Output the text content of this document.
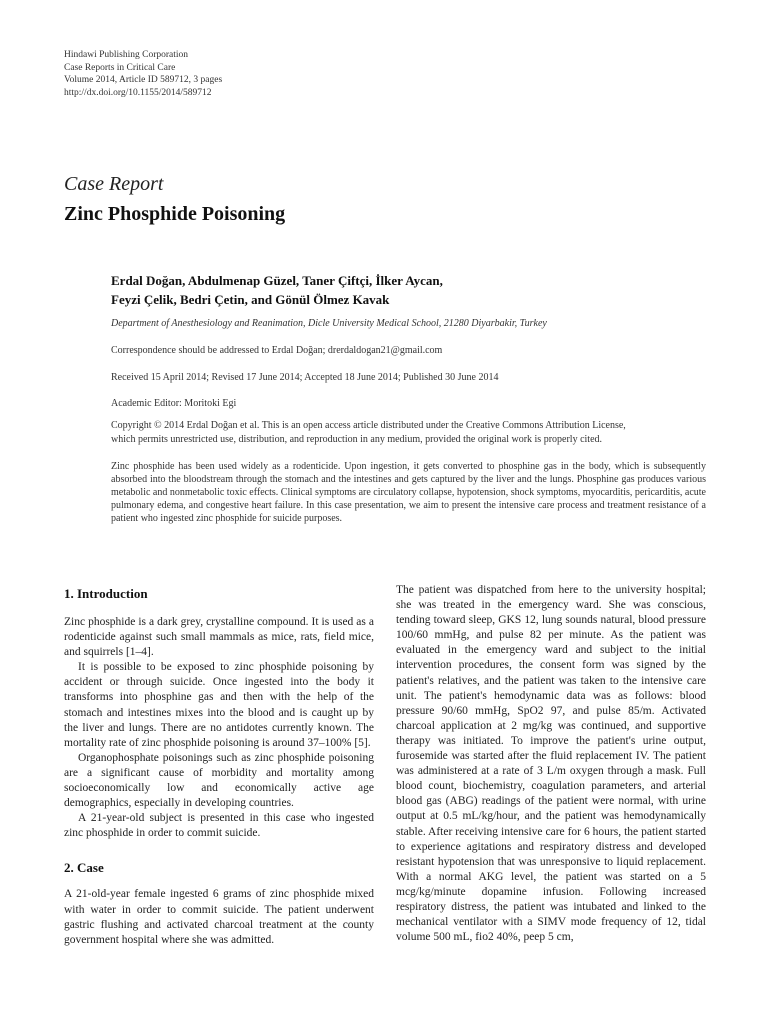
Hindawi Publishing Corporation
Case Reports in Critical Care
Volume 2014, Article ID 589712, 3 pages
http://dx.doi.org/10.1155/2014/589712
Case Report
Zinc Phosphide Poisoning
Erdal Doğan, Abdulmenap Güzel, Taner Çiftçi, İlker Aycan,
Feyzi Çelik, Bedri Çetin, and Gönül Ölmez Kavak
Department of Anesthesiology and Reanimation, Dicle University Medical School, 21280 Diyarbakir, Turkey
Correspondence should be addressed to Erdal Doğan; drerdaldogan21@gmail.com
Received 15 April 2014; Revised 17 June 2014; Accepted 18 June 2014; Published 30 June 2014
Academic Editor: Moritoki Egi
Copyright © 2014 Erdal Doğan et al. This is an open access article distributed under the Creative Commons Attribution License,
which permits unrestricted use, distribution, and reproduction in any medium, provided the original work is properly cited.
Zinc phosphide has been used widely as a rodenticide. Upon ingestion, it gets converted to phosphine gas in the body, which is subsequently absorbed into the bloodstream through the stomach and the intestines and gets captured by the liver and the lungs. Phosphine gas produces various metabolic and nonmetabolic toxic effects. Clinical symptoms are circulatory collapse, hypotension, shock symptoms, myocarditis, pericarditis, acute pulmonary edema, and congestive heart failure. In this case presentation, we aim to present the intensive care process and treatment resistance of a patient who ingested zinc phosphide for suicide purposes.
1. Introduction

Zinc phosphide is a dark grey, crystalline compound. It is used as a rodenticide against such small mammals as mice, rats, field mice, and squirrels [1–4].

It is possible to be exposed to zinc phosphide poisoning by accident or through suicide. Once ingested into the body it transforms into phosphine gas and then with the help of the stomach and intestines mixes into the blood and is caught up by the liver and lungs. There are no antidotes currently known. The mortality rate of zinc phosphide poisoning is around 37–100% [5].

Organophosphate poisonings such as zinc phosphide poisoning are a significant cause of morbidity and mortality among socioeconomically low and economically active age demographics, especially in developing countries.

A 21-year-old subject is presented in this case who ingested zinc phosphide in order to commit suicide.

2. Case

A 21-old-year female ingested 6 grams of zinc phosphide mixed with water in order to commit suicide. The patient underwent gastric flushing and activated charcoal treatment at the county government hospital where she was admitted.

The patient was dispatched from here to the university hospital; she was treated in the emergency ward. She was conscious, tending toward sleep, GKS 12, lung sounds natural, blood pressure 100/60 mmHg, and pulse 82 per minute. As the patient was evaluated in the emergency ward and subject to the initial intervention procedures, the consent form was signed by the patient's relatives, and the patient was taken to the intensive care unit. The patient's hemodynamic data was as follows: blood pressure 90/60 mmHg, SpO2 97, and pulse 85/m. Activated charcoal application at 2 mg/kg was continued, and supportive therapy was initiated. To improve the patient's urine output, furosemide was started after the fluid replacement IV. The patient was administered at a rate of 3 L/m oxygen through a mask. Full blood count, biochemistry, coagulation parameters, and arterial blood gas (ABG) readings of the patient were normal, with urine output at 0.5 mL/kg/hour, and the patient was hemodynamically stable. After receiving intensive care for 6 hours, the patient started to experience agitations and respiratory distress and developed resistant hypotension that was unresponsive to liquid replacement. With a normal AKG level, the patient was started on a 5 mcg/kg/minute dopamine infusion. Following increased respiratory distress, the patient was intubated and linked to the mechanical ventilator with a SIMV mode frequency of 12, tidal volume 500 mL, fio2 40%, peep 5 cm,
